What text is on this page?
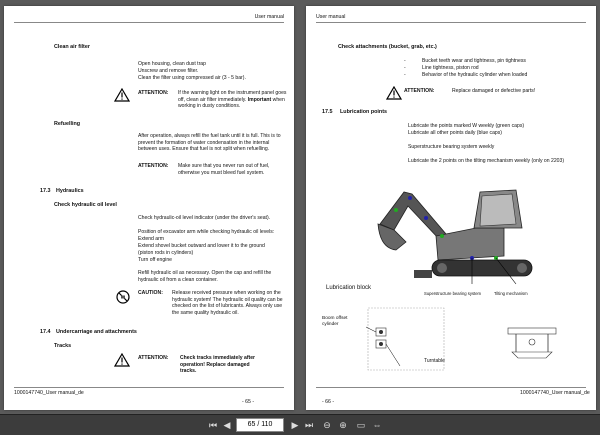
User manual
Clean air filter
Open housing, clean dust trap
Unscrew and remove filter.
Clean the filter using compressed air (3 - 5 bar).
ATTENTION: If the warning light on the instrument panel goes off, clean air filter immediately. Important when working in dusty conditions.
Refuelling
After operation, always refill the fuel tank until it is full. This is to prevent the formation of water condensation in the internal between uses. Ensure that fuel is not split when refuelling.
ATTENTION: Make sure that you never run out of fuel, otherwise you must bleed fuel system.
17.3 Hydraulics
Check hydraulic oil level
Check hydraulic-oil level indicator (under the driver's seat).
Position of excavator arm while checking hydraulic oil levels:
Extend arm
Extend shovel bucket outward and lower it to the ground
(piston rods in cylinders)
Turn off engine
Refill hydraulic oil as necessary. Open the cap and refill the hydraulic oil from a clean container.
CAUTION: Release received pressure when working on the hydraulic system! The hydraulic oil quality can be checked on the list of lubricants. Always only use the same quality hydraulic oil.
17.4 Undercarriage and attachments
Tracks
ATTENTION: Check tracks immediately after operation! Replace damaged tracks.
1000147740_User manual_de
- 65 -
User manual
Check attachments (bucket, grab, etc.)
-	Bucket teeth wear and tightness, pin tightness
-	Line tightness, piston rod
-	Behavior of the hydraulic cylinder when loaded
ATTENTION:	Replace damaged or defective parts!
17.5 Lubrication points
Lubricate the points marked W weekly (green caps)
Lubricate all other points daily (blue caps)
Superstructure bearing system weekly
Lubricate the 2 points on the tilting mechanism weekly (only on 2203)
Superstructure bearing system	Tilting mechanism
Lubrication block
Boom offset cylinder
Turntable
1000147740_User manual_de
- 66 -
⏮ ◀	65 / 110	▶ ⏭	⊖ ⊕	▭ ⇔
